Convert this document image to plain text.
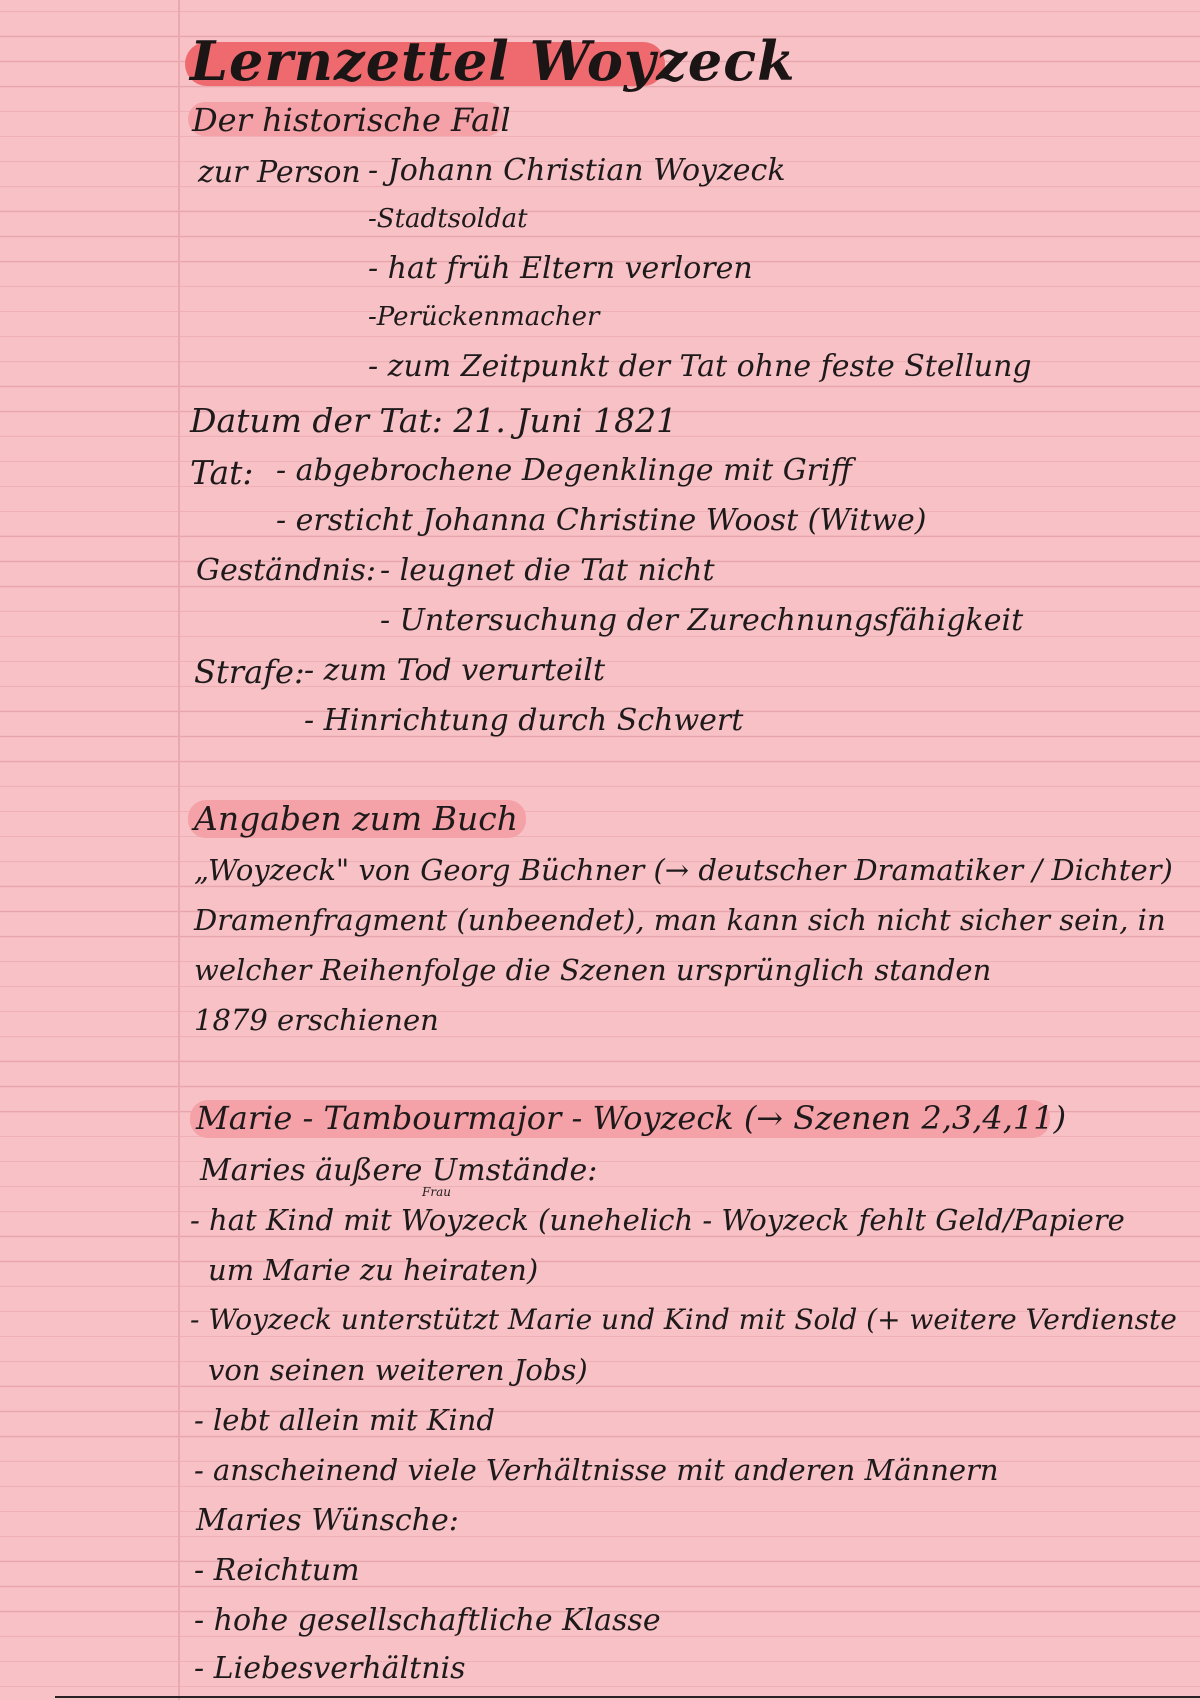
Lernzettel Woyzeck
Der historische Fall
zur Person - Johann Christian Woyzeck
-Stadtsoldat
- hat früh Eltern verloren
-Perückenmacher
- zum Zeitpunkt der Tat ohne feste Stellung
Datum der Tat: 21. Juni 1821
Tat: - abgebrochene Degenklinge mit Griff
- ersticht Johanna Christine Woost (Witwe)
Geständnis: - leugnet die Tat nicht
- Untersuchung der Zurechnungsfähigkeit
Strafe: - zum Tod verurteilt
- Hinrichtung durch Schwert
Angaben zum Buch
„Woyzeck" von Georg Büchner (→ deutscher Dramatiker / Dichter)
Dramenfragment (unbeendet), man kann sich nicht sicher sein, in
welcher Reihenfolge die Szenen ursprünglich standen
1879 erschienen
Marie - Tambourmajor - Woyzeck (→ Szenen 2,3,4,11)
Maries äußere Umstände:
Frau
- hat Kind mit Woyzeck (unehelich - Woyzeck fehlt Geld/Papiere
um Marie zu heiraten)
- Woyzeck unterstützt Marie und Kind mit Sold (+ weitere Verdienste
von seinen weiteren Jobs)
- lebt allein mit Kind
- anscheinend viele Verhältnisse mit anderen Männern
Maries Wünsche:
- Reichtum
- hohe gesellschaftliche Klasse
- Liebesverhältnis
